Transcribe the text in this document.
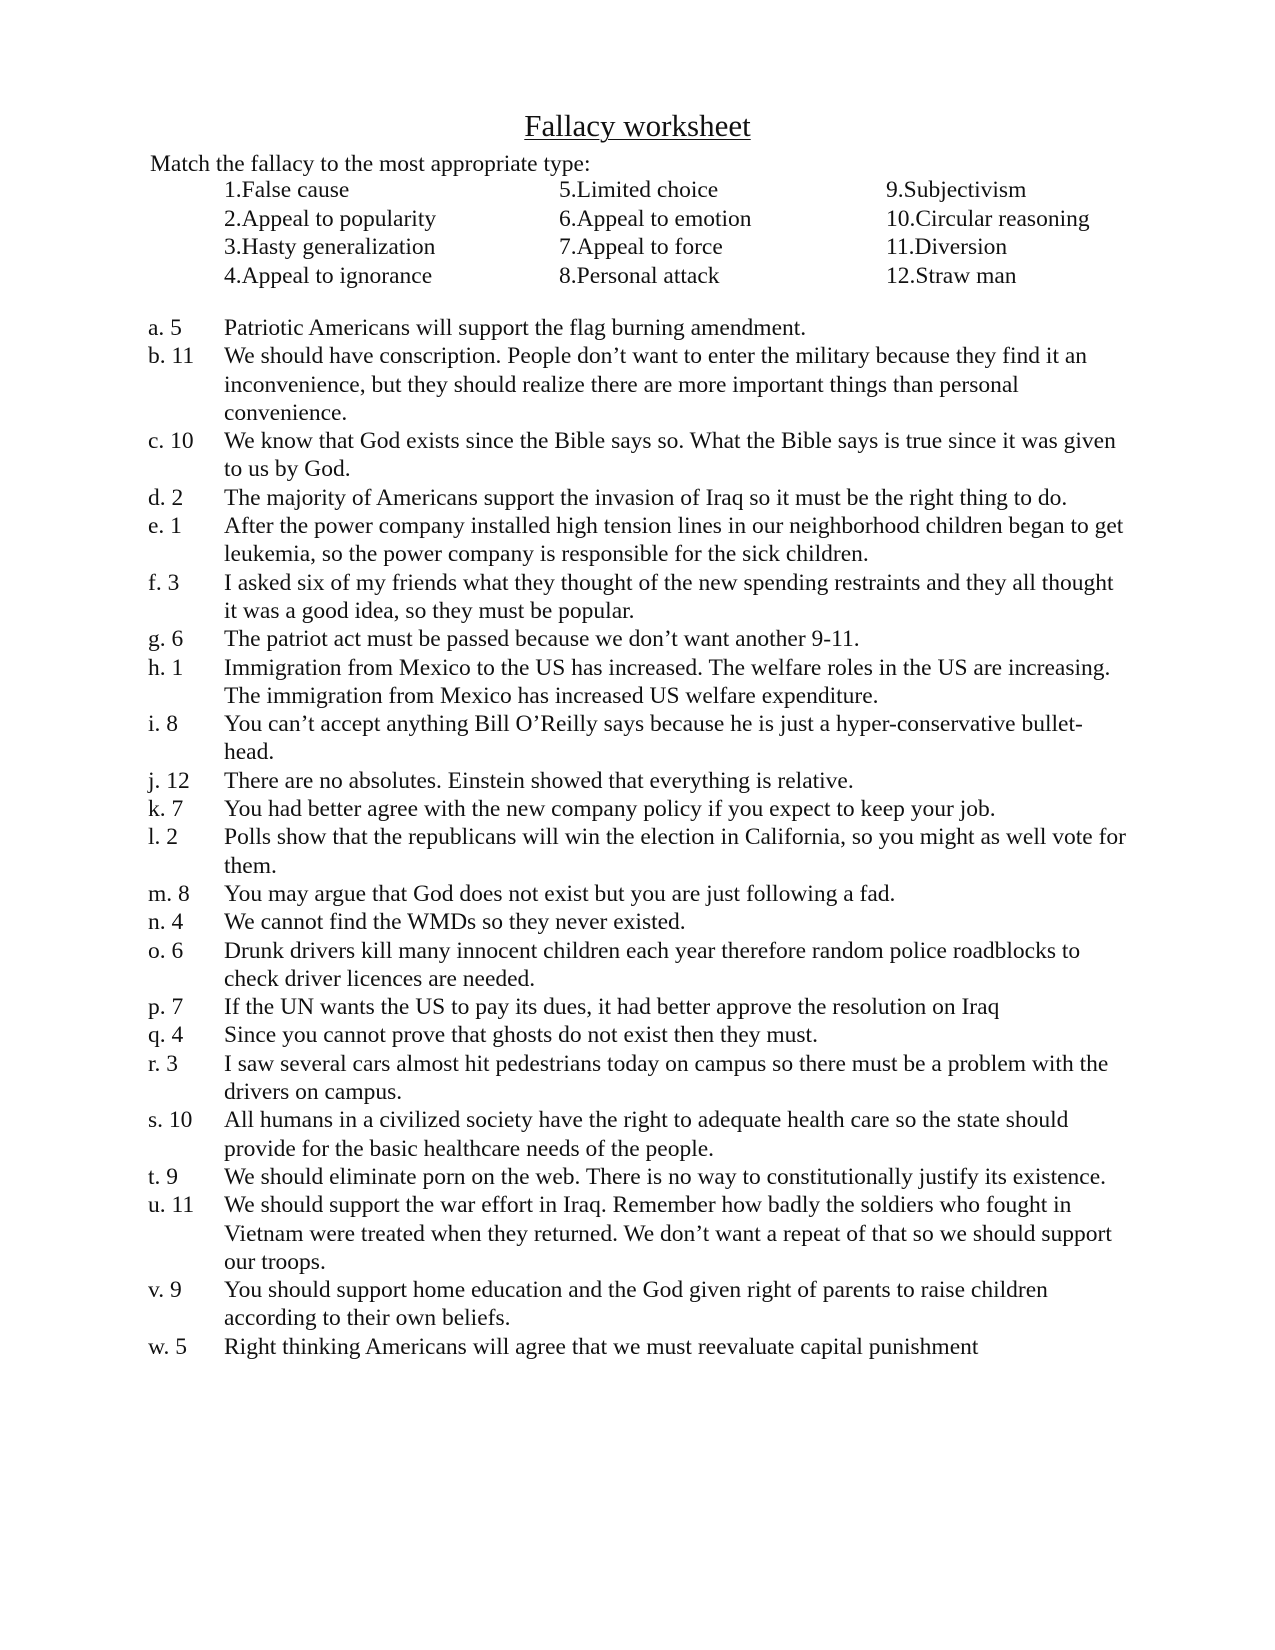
Fallacy worksheet
Match the fallacy to the most appropriate type:
1.False cause
2.Appeal to popularity
3.Hasty generalization
4.Appeal to ignorance
5.Limited choice
6.Appeal to emotion
7.Appeal to force
8.Personal attack
9.Subjectivism
10.Circular reasoning
11.Diversion
12.Straw man
a. 5	Patriotic Americans will support the flag burning amendment.
b. 11	We should have conscription. People don’t want to enter the military because they find it an inconvenience, but they should realize there are more important things than personal convenience.
c. 10	We know that God exists since the Bible says so. What the Bible says is true since it was given to us by God.
d. 2	The majority of Americans support the invasion of Iraq so it must be the right thing to do.
e. 1	After the power company installed high tension lines in our neighborhood children began to get leukemia, so the power company is responsible for the sick children.
f. 3	I asked six of my friends what they thought of the new spending restraints and they all thought it was a good idea, so they must be popular.
g. 6	The patriot act must be passed because we don’t want another 9-11.
h. 1	Immigration from Mexico to the US has increased. The welfare roles in the US are increasing. The immigration from Mexico has increased US welfare expenditure.
i. 8	You can’t accept anything Bill O’Reilly says because he is just a hyper-conservative bullet-head.
j. 12	There are no absolutes. Einstein showed that everything is relative.
k. 7	You had better agree with the new company policy if you expect to keep your job.
l. 2	Polls show that the republicans will win the election in California, so you might as well vote for them.
m. 8	You may argue that God does not exist but you are just following a fad.
n. 4	We cannot find the WMDs so they never existed.
o. 6	Drunk drivers kill many innocent children each year therefore random police roadblocks to check driver licences are needed.
p. 7	If the UN wants the US to pay its dues, it had better approve the resolution on Iraq
q. 4	Since you cannot prove that ghosts do not exist then they must.
r. 3	I saw several cars almost hit pedestrians today on campus so there must be a problem with the drivers on campus.
s. 10	All humans in a civilized society have the right to adequate health care so the state should provide for the basic healthcare needs of the people.
t. 9	We should eliminate porn on the web. There is no way to constitutionally justify its existence.
u. 11	We should support the war effort in Iraq. Remember how badly the soldiers who fought in Vietnam were treated when they returned. We don’t want a repeat of that so we should support our troops.
v. 9	You should support home education and the God given right of parents to raise children according to their own beliefs.
w. 5	Right thinking Americans will agree that we must reevaluate capital punishment
